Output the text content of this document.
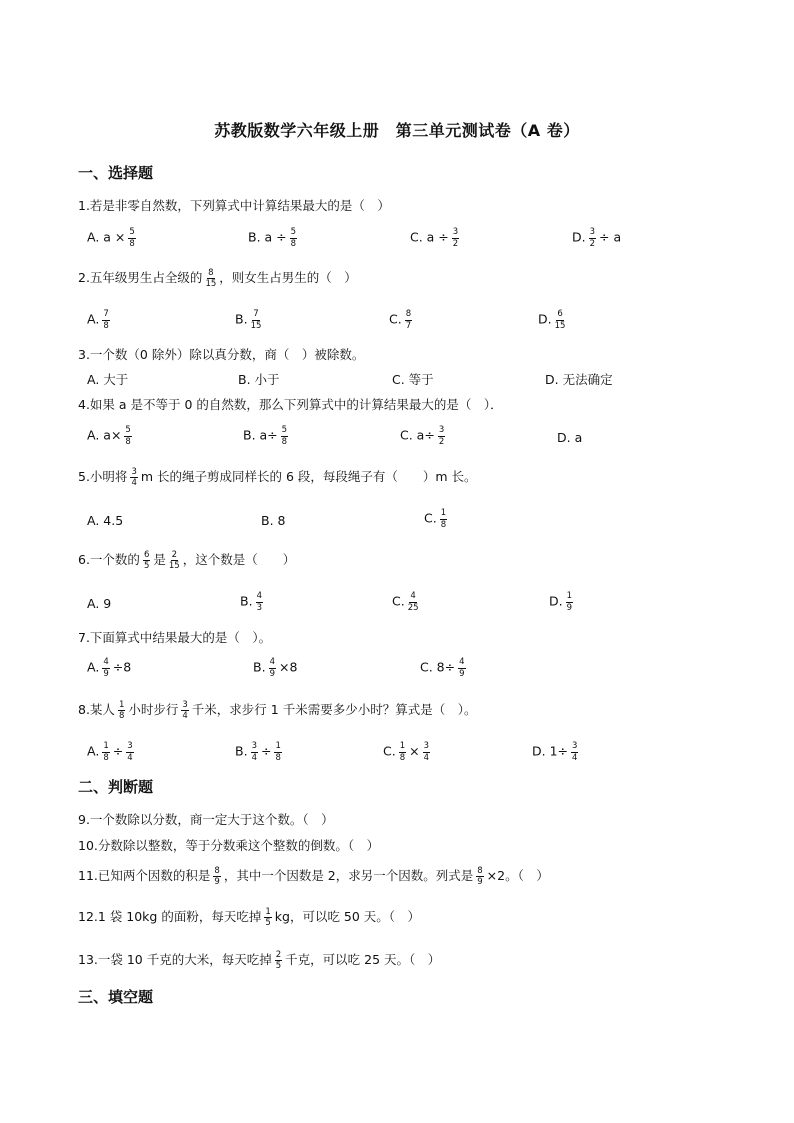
苏教版数学六年级上册　第三单元测试卷（A 卷）
一、选择题
1.若是非零自然数，下列算式中计算结果最大的是（　）
A. $a \times \frac{5}{8}$	B. $a \div \frac{5}{8}$	C. $a \div \frac{3}{2}$	D. $\frac{3}{2} \div a$
2.五年级男生占全级的 $\frac{8}{15}$ ，则女生占男生的（　）
A. $\frac{7}{8}$	B. $\frac{7}{15}$	C. $\frac{8}{7}$	D. $\frac{6}{15}$
3.一个数（0 除外）除以真分数，商（　）被除数。
A. 大于	B. 小于	C. 等于	D. 无法确定
4.如果 a 是不等于 0 的自然数，那么下列算式中的计算结果最大的是（　）．
A. $a\times \frac{5}{8}$	B. $a\div \frac{5}{8}$	C. $a\div \frac{3}{2}$	D. a
5.小明将 $\frac{3}{4}$ m 长的绳子剪成同样长的 6 段，每段绳子有（　　）m 长。
A. 4.5	B. 8	C. $\frac{1}{8}$
6.一个数的 $\frac{6}{5}$ 是 $\frac{2}{15}$ ，这个数是（　　）
A. 9	B. $\frac{4}{3}$	C. $\frac{4}{25}$	D. $\frac{1}{9}$
7.下面算式中结果最大的是（　）。
A. $\frac{4}{9} \div 8$	B. $\frac{4}{9} \times 8$	C. $8\div \frac{4}{9}$
8.某人 $\frac{1}{8}$ 小时步行 $\frac{3}{4}$ 千米，求步行 1 千米需要多少小时？算式是（　）。
A. $\frac{1}{8} \div \frac{3}{4}$	B. $\frac{3}{4} \div \frac{1}{8}$	C. $\frac{1}{8} \times \frac{3}{4}$	D. $1\div \frac{3}{4}$
二、判断题
9.一个数除以分数，商一定大于这个数。（　）
10.分数除以整数，等于分数乘这个整数的倒数。（　）
11.已知两个因数的积是 $\frac{8}{9}$ ，其中一个因数是 2，求另一个因数。列式是 $\frac{8}{9} \times 2$。（　）
12.1 袋 10kg 的面粉，每天吃掉 $\frac{1}{5}$ kg，可以吃 50 天。（　）
13.一袋 10 千克的大米，每天吃掉 $\frac{2}{5}$ 千克，可以吃 25 天。（　）
三、填空题
